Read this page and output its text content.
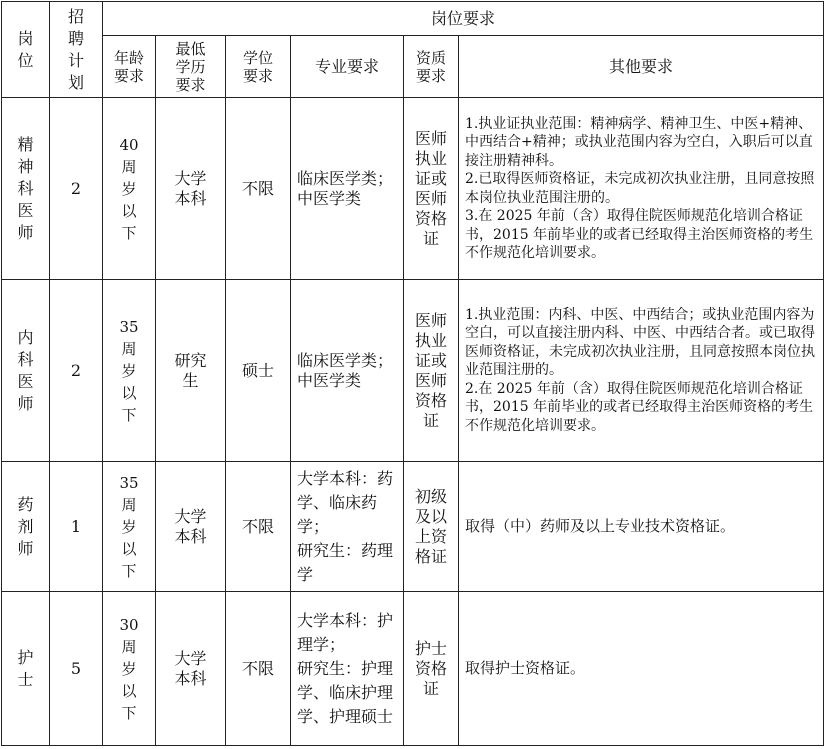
岗位	招聘计划	岗位要求					
		年龄要求	最低学历要求	学位要求	专业要求	资质要求	其他要求
精神科医师	2	40周岁以下	大学本科	不限	临床医学类；
中医学类	医师执业证或医师资格证	1.执业证执业范围：精神病学、精神卫生、中医+精神、中西结合+精神；或执业范围内容为空白，入职后可以直接注册精神科。
2.已取得医师资格证，未完成初次执业注册，且同意按照本岗位执业范围注册的。
3.在 2025 年前（含）取得住院医师规范化培训合格证书，2015 年前毕业的或者已经取得主治医师资格的考生不作规范化培训要求。

内科医师	2	35周岁以下	研究生	硕士	临床医学类；
中医学类	医师执业证或医师资格证	1.执业范围：内科、中医、中西结合；或执业范围内容为空白，可以直接注册内科、中医、中西结合者。或已取得医师资格证，未完成初次执业注册，且同意按照本岗位执业范围注册的。
2.在 2025 年前（含）取得住院医师规范化培训合格证书，2015 年前毕业的或者已经取得主治医师资格的考生不作规范化培训要求。

药剂师	1	35周岁以下	大学本科	不限	大学本科：药学、临床药学；
研究生：药理学	初级及以上资格证	取得（中）药师及以上专业技术资格证。

护士	5	30周岁以下	大学本科	不限	大学本科：护理学；
研究生：护理学、临床护理学、护理硕士	护士资格证	取得护士资格证。
